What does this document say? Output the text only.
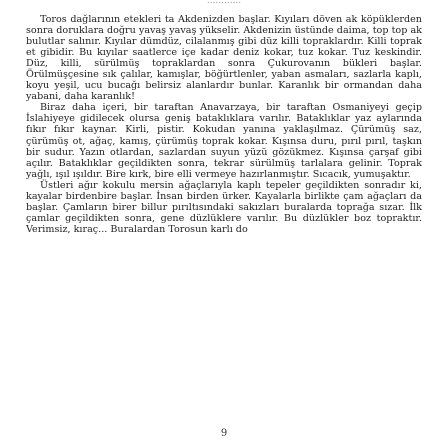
............

Toros dağlarının etekleri ta Akdenizden başlar. Kıyıları döven ak köpüklerden sonra doruklara doğru yavaş yavaş yükselir. Akdenizin üstünde daima, top top ak bulutlar salınır. Kıyılar dümdüz, cilalanmış gibi düz killi topraklardır. Killi toprak et gibidir. Bu kıyılar saatlerce içe kadar deniz kokar, tuz kokar. Tuz keskindir. Düz, killi, sürülmüş topraklardan sonra Çukurovanın bükleri başlar. Örülmüşçesine sık çalılar, kamışlar, böğürtlenler, yaban asmaları, sazlarla kaplı, koyu yeşil, ucu bucağı belirsiz alanlardır bunlar. Karanlık bir ormandan daha yabani, daha karanlık!

Biraz daha içeri, bir taraftan Anavarzaya, bir taraftan Osmaniyeyi geçip İslahiyeye gidilecek olursa geniş bataklıklara varılır. Bataklıklar yaz aylarında fıkır fıkır kaynar. Kirli, pistir. Kokudan yanına yaklaşılmaz. Çürümüş saz, çürümüş ot, ağaç, kamış, çürümüş toprak kokar. Kışınsa duru, pırıl pırıl, taşkın bir sudur. Yazın otlardan, sazlardan suyun yüzü gözükmez. Kışınsa çarşaf gibi açılır. Bataklıklar geçildikten sonra, tekrar sürülmüş tarlalara gelinir. Toprak yağlı, ışıl ışıldır. Bire kırk, bire elli vermeye hazırlanmıştır. Sıcacık, yumuşaktır.

Üstleri ağır kokulu mersin ağaçlarıyla kaplı tepeler geçildikten sonradır ki, kayalar birdenbire başlar. İnsan birden ürker. Kayalarla birlikte çam ağaçları da başlar. Çamların birer billur pırıltısındaki sakızları buralarda toprağa sızar. İlk çamlar geçildikten sonra, gene düzlüklere varılır. Bu düzlükler boz topraktır. Verimsiz, kıraç... Buralardan Torosun karlı do

9
